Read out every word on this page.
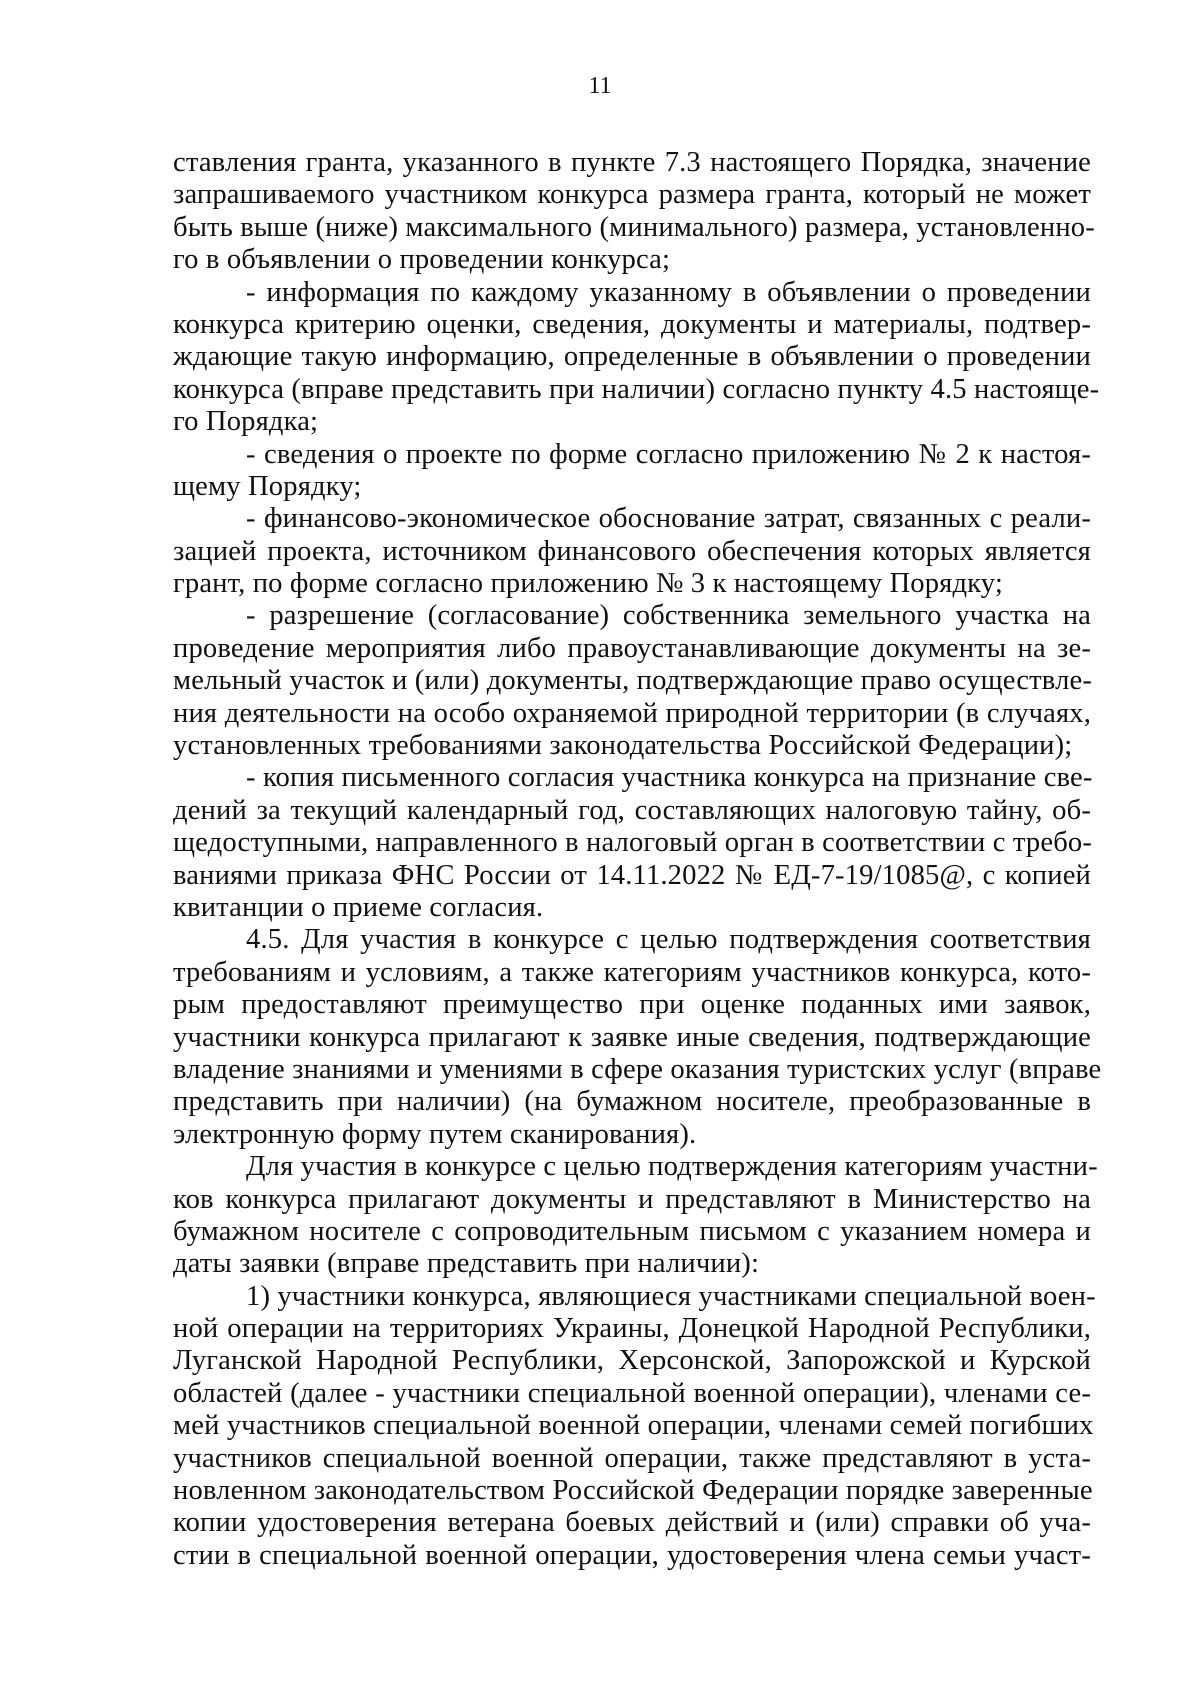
11
ставления гранта, указанного в пункте 7.3 настоящего Порядка, значение
запрашиваемого участником конкурса размера гранта, который не может
быть выше (ниже) максимального (минимального) размера, установленно-
го в объявлении о проведении конкурса;
- информация по каждому указанному в объявлении о проведении
конкурса критерию оценки, сведения, документы и материалы, подтвер-
ждающие такую информацию, определенные в объявлении о проведении
конкурса (вправе представить при наличии) согласно пункту 4.5 настояще-
го Порядка;
- сведения о проекте по форме согласно приложению № 2 к настоя-
щему Порядку;
- финансово-экономическое обоснование затрат, связанных с реали-
зацией проекта, источником финансового обеспечения которых является
грант, по форме согласно приложению № 3 к настоящему Порядку;
- разрешение (согласование) собственника земельного участка на
проведение мероприятия либо правоустанавливающие документы на зе-
мельный участок и (или) документы, подтверждающие право осуществле-
ния деятельности на особо охраняемой природной территории (в случаях,
установленных требованиями законодательства Российской Федерации);
- копия письменного согласия участника конкурса на признание све-
дений за текущий календарный год, составляющих налоговую тайну, об-
щедоступными, направленного в налоговый орган в соответствии с требо-
ваниями приказа ФНС России от 14.11.2022 № ЕД-7-19/1085@, с копией
квитанции о приеме согласия.
4.5. Для участия в конкурсе с целью подтверждения соответствия
требованиям и условиям, а также категориям участников конкурса, кото-
рым предоставляют преимущество при оценке поданных ими заявок,
участники конкурса прилагают к заявке иные сведения, подтверждающие
владение знаниями и умениями в сфере оказания туристских услуг (вправе
представить при наличии) (на бумажном носителе, преобразованные в
электронную форму путем сканирования).
Для участия в конкурсе с целью подтверждения категориям участни-
ков конкурса прилагают документы и представляют в Министерство на
бумажном носителе с сопроводительным письмом с указанием номера и
даты заявки (вправе представить при наличии):
1) участники конкурса, являющиеся участниками специальной воен-
ной операции на территориях Украины, Донецкой Народной Республики,
Луганской Народной Республики, Херсонской, Запорожской и Курской
областей (далее - участники специальной военной операции), членами се-
мей участников специальной военной операции, членами семей погибших
участников специальной военной операции, также представляют в уста-
новленном законодательством Российской Федерации порядке заверенные
копии удостоверения ветерана боевых действий и (или) справки об уча-
стии в специальной военной операции, удостоверения члена семьи участ-
